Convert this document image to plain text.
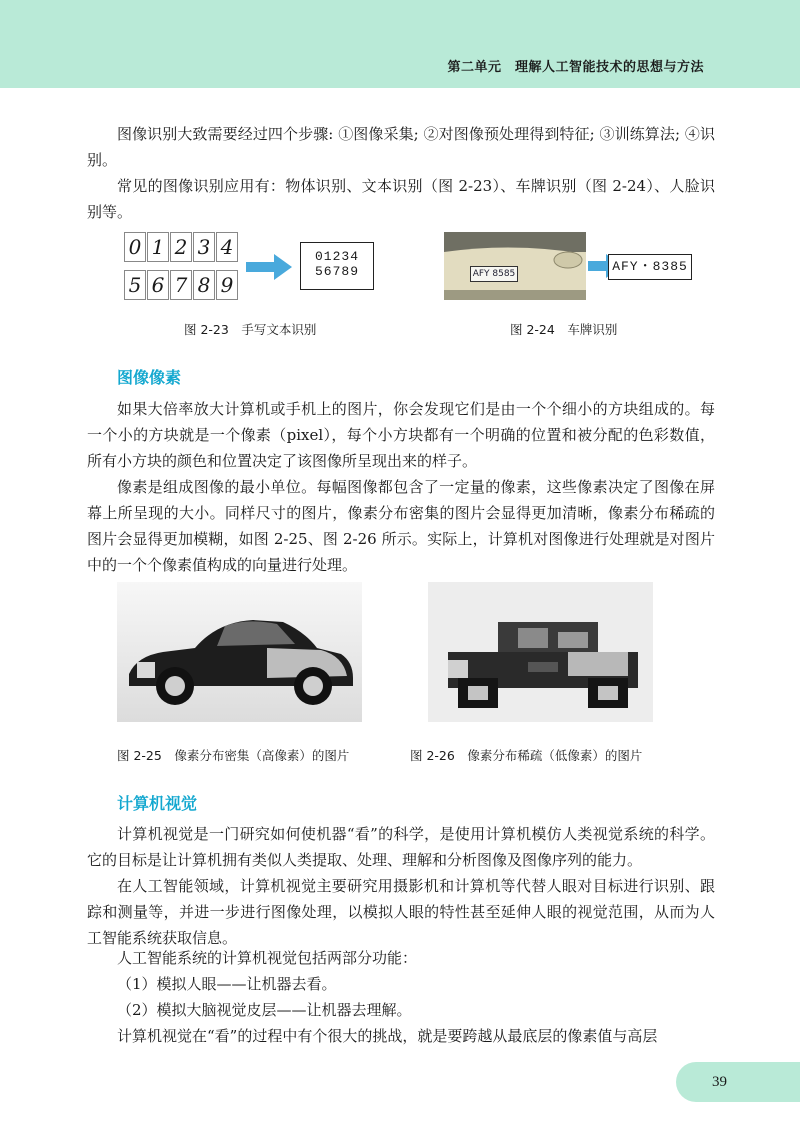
第二单元　理解人工智能技术的思想与方法

图像识别大致需要经过四个步骤: ①图像采集; ②对图像预处理得到特征; ③训练算法; ④识别。

常见的图像识别应用有：物体识别、文本识别（图 2-23）、车牌识别（图 2-24）、人脸识别等。

0 1 2 3 4
5 6 7 8 9
01234
56789
图 2-23　手写文本识别
AFY 8585	AFY・8385
图 2-24　车牌识别
图像像素

如果大倍率放大计算机或手机上的图片，你会发现它们是由一个个细小的方块组成的。每一个小的方块就是一个像素（pixel），每个小方块都有一个明确的位置和被分配的色彩数值，所有小方块的颜色和位置决定了该图像所呈现出来的样子。

像素是组成图像的最小单位。每幅图像都包含了一定量的像素，这些像素决定了图像在屏幕上所呈现的大小。同样尺寸的图片，像素分布密集的图片会显得更加清晰，像素分布稀疏的图片会显得更加模糊，如图 2-25、图 2-26 所示。实际上，计算机对图像进行处理就是对图片中的一个个像素值构成的向量进行处理。

图 2-25　像素分布密集（高像素）的图片	图 2-26　像素分布稀疏（低像素）的图片
计算机视觉

计算机视觉是一门研究如何使机器“看”的科学，是使用计算机模仿人类视觉系统的科学。它的目标是让计算机拥有类似人类提取、处理、理解和分析图像及图像序列的能力。

在人工智能领域，计算机视觉主要研究用摄影机和计算机等代替人眼对目标进行识别、跟踪和测量等，并进一步进行图像处理，以模拟人眼的特性甚至延伸人眼的视觉范围，从而为人工智能系统获取信息。

人工智能系统的计算机视觉包括两部分功能：

（1）模拟人眼——让机器去看。

（2）模拟大脑视觉皮层——让机器去理解。

计算机视觉在“看”的过程中有个很大的挑战，就是要跨越从最底层的像素值与高层

39
